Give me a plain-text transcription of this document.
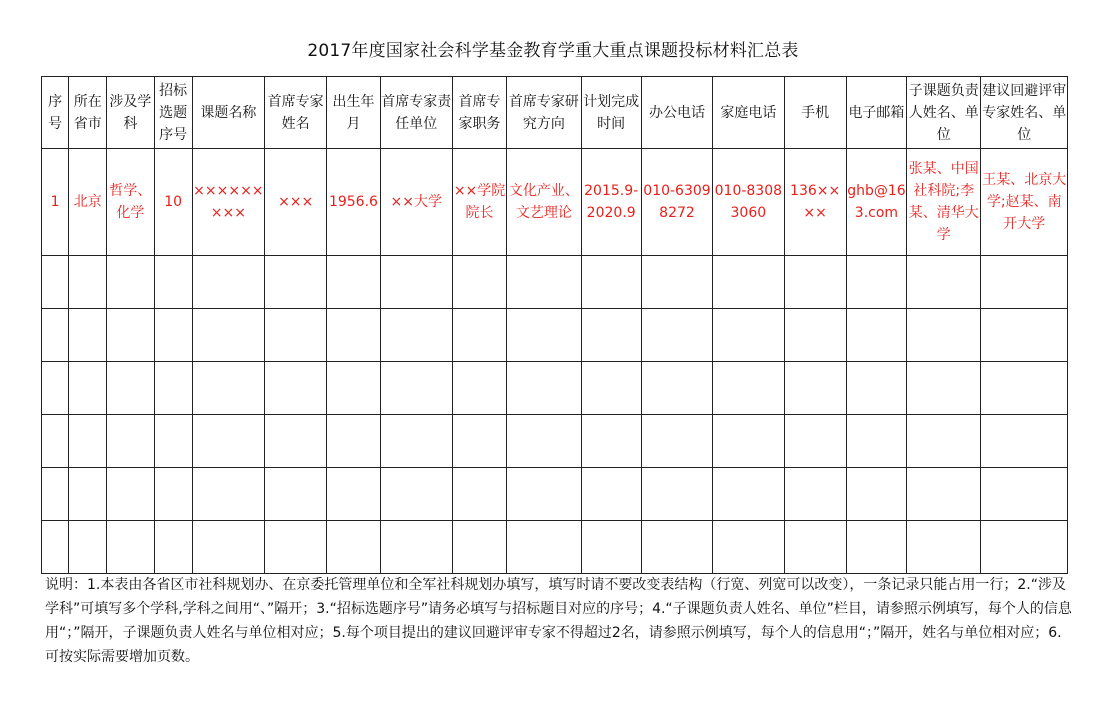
2017年度国家社会科学基金教育学重大重点课题投标材料汇总表
序号	所在省市	涉及学科	招标选题序号	课题名称	首席专家姓名	出生年月	首席专家责任单位	首席专家职务	首席专家研究方向	计划完成时间	办公电话	家庭电话	手机	电子邮箱	子课题负责人姓名、单位	建议回避评审专家姓名、单位
1	北京	哲学、化学	10	×××××××××	×××	1956.6	××大学	××学院院长	文化产业、文艺理论	2015.9-2020.9	010-63098272	010-83083060	136××××	ghb@163.com	张某、中国社科院;李某、清华大学	王某、北京大学;赵某、南开大学

说明：1.本表由各省区市社科规划办、在京委托管理单位和全军社科规划办填写，填写时请不要改变表结构（行宽、列宽可以改变），一条记录只能占用一行；2.“涉及学科”可填写多个学科,学科之间用“、”隔开；3.“招标选题序号”请务必填写与招标题目对应的序号；4.“子课题负责人姓名、单位”栏目，请参照示例填写，每个人的信息用“；”隔开，子课题负责人姓名与单位相对应；5.每个项目提出的建议回避评审专家不得超过2名，请参照示例填写，每个人的信息用“；”隔开，姓名与单位相对应；6.可按实际需要增加页数。
